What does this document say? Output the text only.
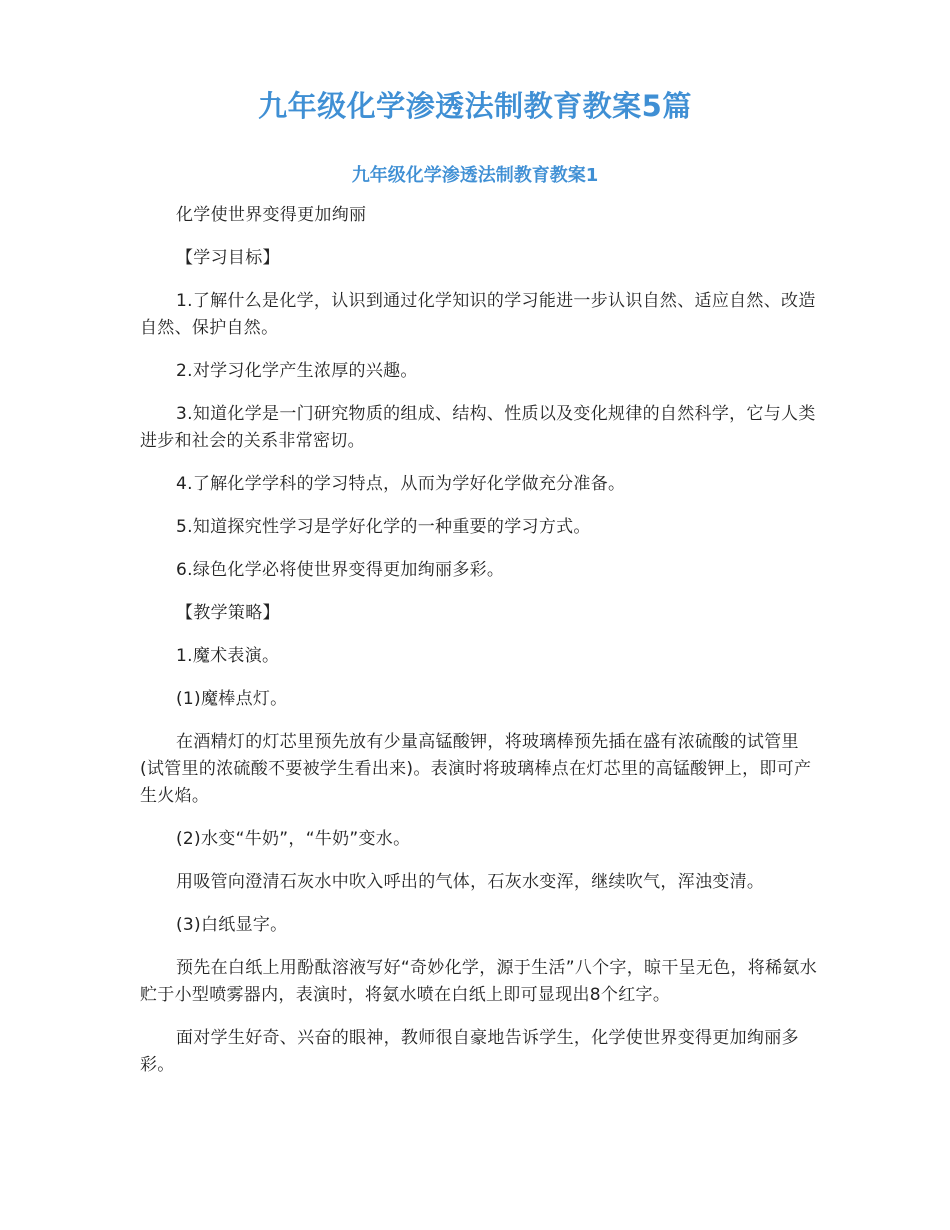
九年级化学渗透法制教育教案5篇
九年级化学渗透法制教育教案1

化学使世界变得更加绚丽

【学习目标】

1.了解什么是化学，认识到通过化学知识的学习能进一步认识自然、适应自然、改造自然、保护自然。

2.对学习化学产生浓厚的兴趣。

3.知道化学是一门研究物质的组成、结构、性质以及变化规律的自然科学，它与人类进步和社会的关系非常密切。

4.了解化学学科的学习特点，从而为学好化学做充分准备。

5.知道探究性学习是学好化学的一种重要的学习方式。

6.绿色化学必将使世界变得更加绚丽多彩。

【教学策略】

1.魔术表演。

(1)魔棒点灯。

在酒精灯的灯芯里预先放有少量高锰酸钾，将玻璃棒预先插在盛有浓硫酸的试管里(试管里的浓硫酸不要被学生看出来)。表演时将玻璃棒点在灯芯里的高锰酸钾上，即可产生火焰。

(2)水变“牛奶”，“牛奶”变水。

用吸管向澄清石灰水中吹入呼出的气体，石灰水变浑，继续吹气，浑浊变清。

(3)白纸显字。

预先在白纸上用酚酞溶液写好“奇妙化学，源于生活”八个字，晾干呈无色，将稀氨水贮于小型喷雾器内，表演时，将氨水喷在白纸上即可显现出8个红字。

面对学生好奇、兴奋的眼神，教师很自豪地告诉学生，化学使世界变得更加绚丽多彩。
